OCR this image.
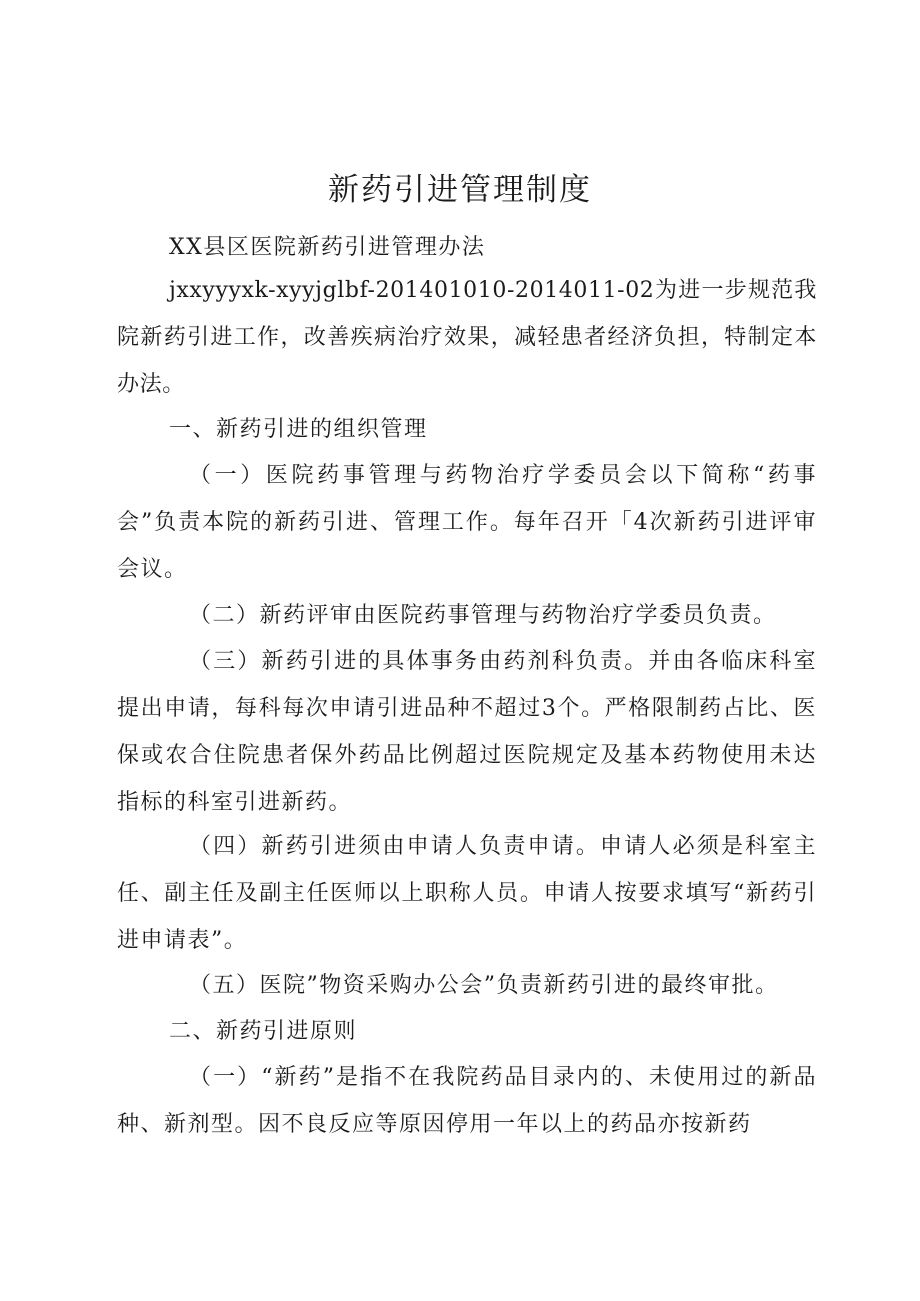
新药引进管理制度

XX县区医院新药引进管理办法

jxxyyyxk-xyyjglbf-201401010-2014011-02为进一步规范我院新药引进工作，改善疾病治疗效果，减轻患者经济负担，特制定本办法。

一、新药引进的组织管理

（一）医院药事管理与药物治疗学委员会以下简称“药事会”负责本院的新药引进、管理工作。每年召开「4次新药引进评审会议。

（二）新药评审由医院药事管理与药物治疗学委员负责。

（三）新药引进的具体事务由药剂科负责。并由各临床科室提出申请，每科每次申请引进品种不超过3个。严格限制药占比、医保或农合住院患者保外药品比例超过医院规定及基本药物使用未达指标的科室引进新药。

（四）新药引进须由申请人负责申请。申请人必须是科室主任、副主任及副主任医师以上职称人员。申请人按要求填写“新药引进申请表”。

（五）医院”物资采购办公会”负责新药引进的最终审批。

二、新药引进原则

（一）“新药”是指不在我院药品目录内的、未使用过的新品种、新剂型。因不良反应等原因停用一年以上的药品亦按新药
